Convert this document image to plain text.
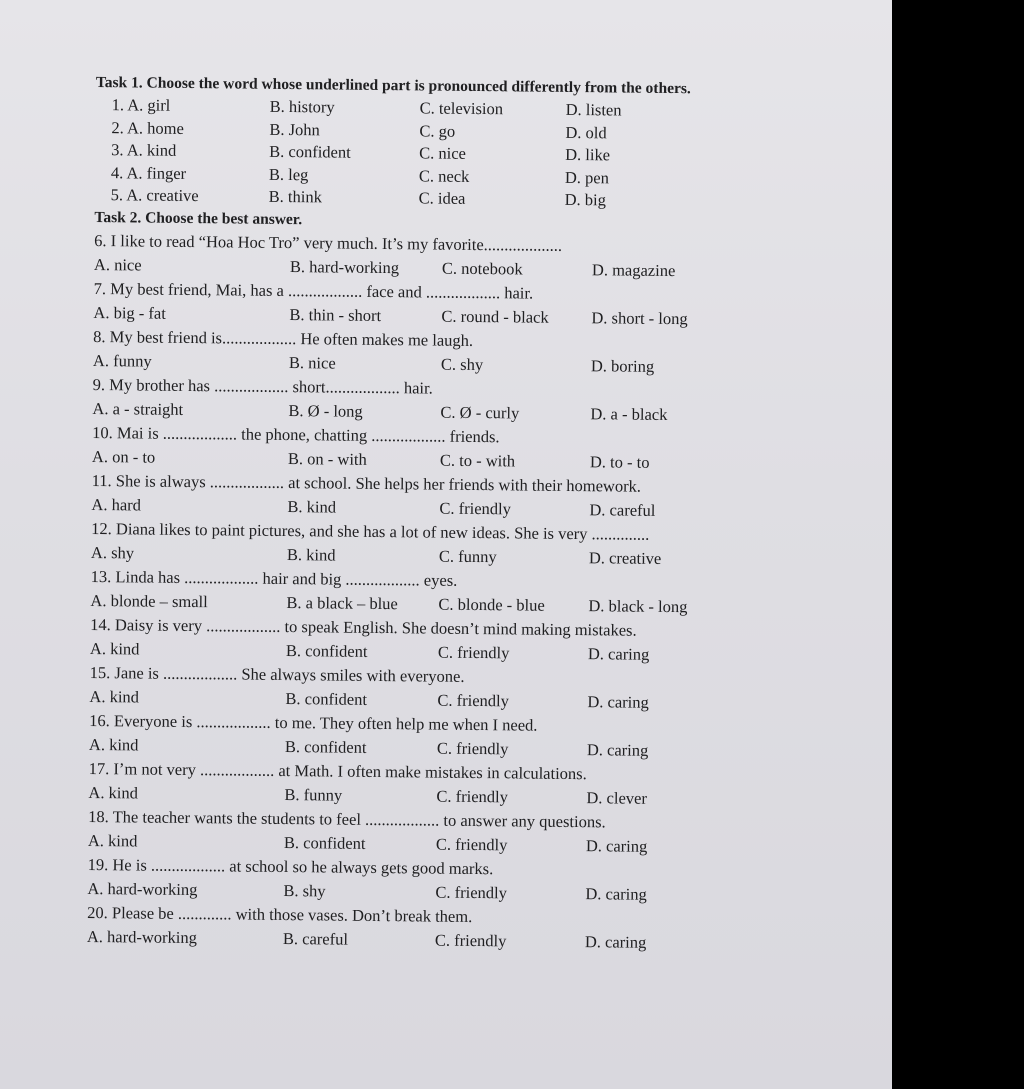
Task 1. Choose the word whose underlined part is pronounced differently from the others.
1. A. girl	B. history	C. television	D. listen
2. A. home	B. John	C. go	D. old
3. A. kind	B. confident	C. nice	D. like
4. A. finger	B. leg	C. neck	D. pen
5. A. creative	B. think	C. idea	D. big
Task 2. Choose the best answer.
6. I like to read “Hoa Hoc Tro” very much. It’s my favorite...................
A. nice	B. hard-working	C. notebook	D. magazine
7. My best friend, Mai, has a .................. face and .................. hair.
A. big - fat	B. thin - short	C. round - black	D. short - long
8. My best friend is.................. He often makes me laugh.
A. funny	B. nice	C. shy	D. boring
9. My brother has .................. short.................. hair.
A. a - straight	B. Ø - long	C. Ø - curly	D. a - black
10. Mai is .................. the phone, chatting .................. friends.
A. on - to	B. on - with	C. to - with	D. to - to
11. She is always .................. at school. She helps her friends with their homework.
A. hard	B. kind	C. friendly	D. careful
12. Diana likes to paint pictures, and she has a lot of new ideas. She is very ..............
A. shy	B. kind	C. funny	D. creative
13. Linda has .................. hair and big .................. eyes.
A. blonde – small	B. a black – blue	C. blonde - blue	D. black - long
14. Daisy is very .................. to speak English. She doesn’t mind making mistakes.
A. kind	B. confident	C. friendly	D. caring
15. Jane is .................. She always smiles with everyone.
A. kind	B. confident	C. friendly	D. caring
16. Everyone is .................. to me. They often help me when I need.
A. kind	B. confident	C. friendly	D. caring
17. I’m not very .................. at Math. I often make mistakes in calculations.
A. kind	B. funny	C. friendly	D. clever
18. The teacher wants the students to feel .................. to answer any questions.
A. kind	B. confident	C. friendly	D. caring
19. He is .................. at school so he always gets good marks.
A. hard-working	B. shy	C. friendly	D. caring
20. Please be ............. with those vases. Don’t break them.
A. hard-working	B. careful	C. friendly	D. caring
